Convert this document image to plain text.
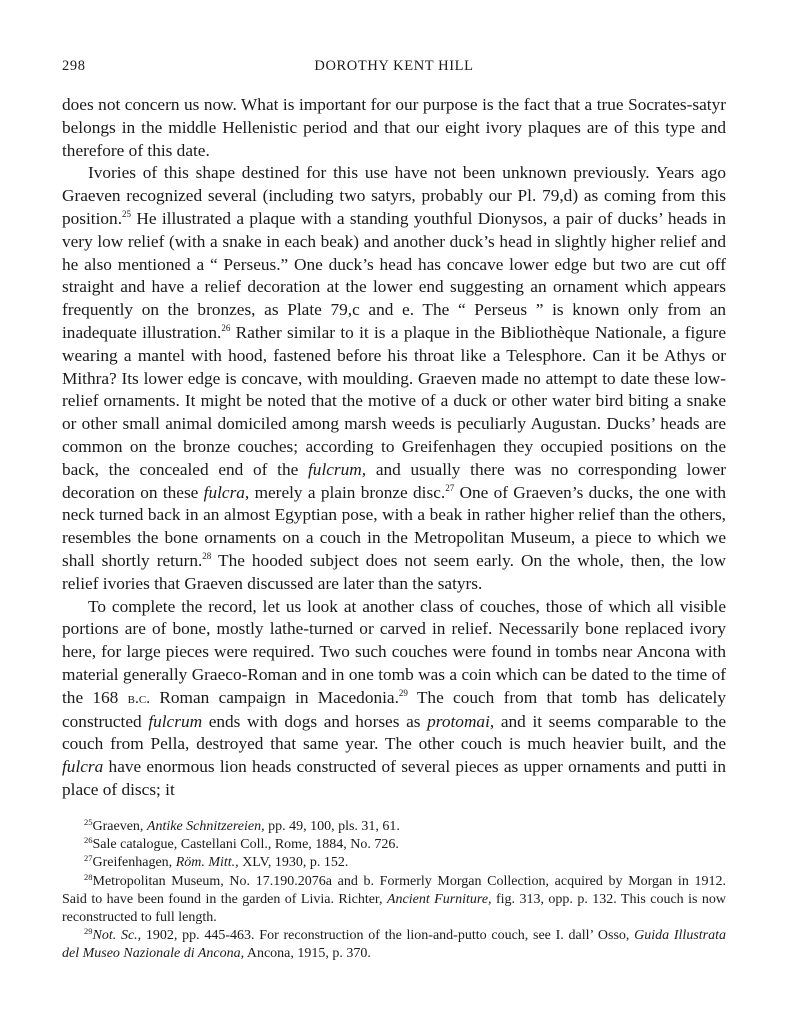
298	DOROTHY KENT HILL

does not concern us now. What is important for our purpose is the fact that a true Socrates-satyr belongs in the middle Hellenistic period and that our eight ivory plaques are of this type and therefore of this date.

Ivories of this shape destined for this use have not been unknown previously. Years ago Graeven recognized several (including two satyrs, probably our Pl. 79,d) as coming from this position.$^{25}$ He illustrated a plaque with a standing youthful Dionysos, a pair of ducks’ heads in very low relief (with a snake in each beak) and another duck’s head in slightly higher relief and he also mentioned a “ Perseus.” One duck’s head has concave lower edge but two are cut off straight and have a relief decoration at the lower end suggesting an ornament which appears frequently on the bronzes, as Plate 79,c and e. The “ Perseus ” is known only from an inadequate illustration.$^{26}$ Rather similar to it is a plaque in the Bibliothèque Nationale, a figure wearing a mantel with hood, fastened before his throat like a Telesphore. Can it be Athys or Mithra? Its lower edge is concave, with moulding. Graeven made no attempt to date these low-relief ornaments. It might be noted that the motive of a duck or other water bird biting a snake or other small animal domiciled among marsh weeds is peculiarly Augustan. Ducks’ heads are common on the bronze couches; according to Greifenhagen they occupied positions on the back, the concealed end of the fulcrum, and usually there was no corresponding lower decoration on these fulcra, merely a plain bronze disc.$^{27}$ One of Graeven’s ducks, the one with neck turned back in an almost Egyptian pose, with a beak in rather higher relief than the others, resembles the bone ornaments on a couch in the Metropolitan Museum, a piece to which we shall shortly return.$^{28}$ The hooded subject does not seem early. On the whole, then, the low relief ivories that Graeven discussed are later than the satyrs.

To complete the record, let us look at another class of couches, those of which all visible portions are of bone, mostly lathe-turned or carved in relief. Necessarily bone replaced ivory here, for large pieces were required. Two such couches were found in tombs near Ancona with material generally Graeco-Roman and in one tomb was a coin which can be dated to the time of the 168 b.c. Roman campaign in Macedonia.$^{29}$ The couch from that tomb has delicately constructed fulcrum ends with dogs and horses as protomai, and it seems comparable to the couch from Pella, destroyed that same year. The other couch is much heavier built, and the fulcra have enormous lion heads constructed of several pieces as upper ornaments and putti in place of discs; it

$^{25}$Graeven, Antike Schnitzereien, pp. 49, 100, pls. 31, 61.

$^{26}$Sale catalogue, Castellani Coll., Rome, 1884, No. 726.

$^{27}$Greifenhagen, Röm. Mitt., XLV, 1930, p. 152.

$^{28}$Metropolitan Museum, No. 17.190.2076a and b. Formerly Morgan Collection, acquired by Morgan in 1912. Said to have been found in the garden of Livia. Richter, Ancient Furniture, fig. 313, opp. p. 132. This couch is now reconstructed to full length.

$^{29}$Not. Sc., 1902, pp. 445-463. For reconstruction of the lion-and-putto couch, see I. dall’ Osso, Guida Illustrata del Museo Nazionale di Ancona, Ancona, 1915, p. 370.
